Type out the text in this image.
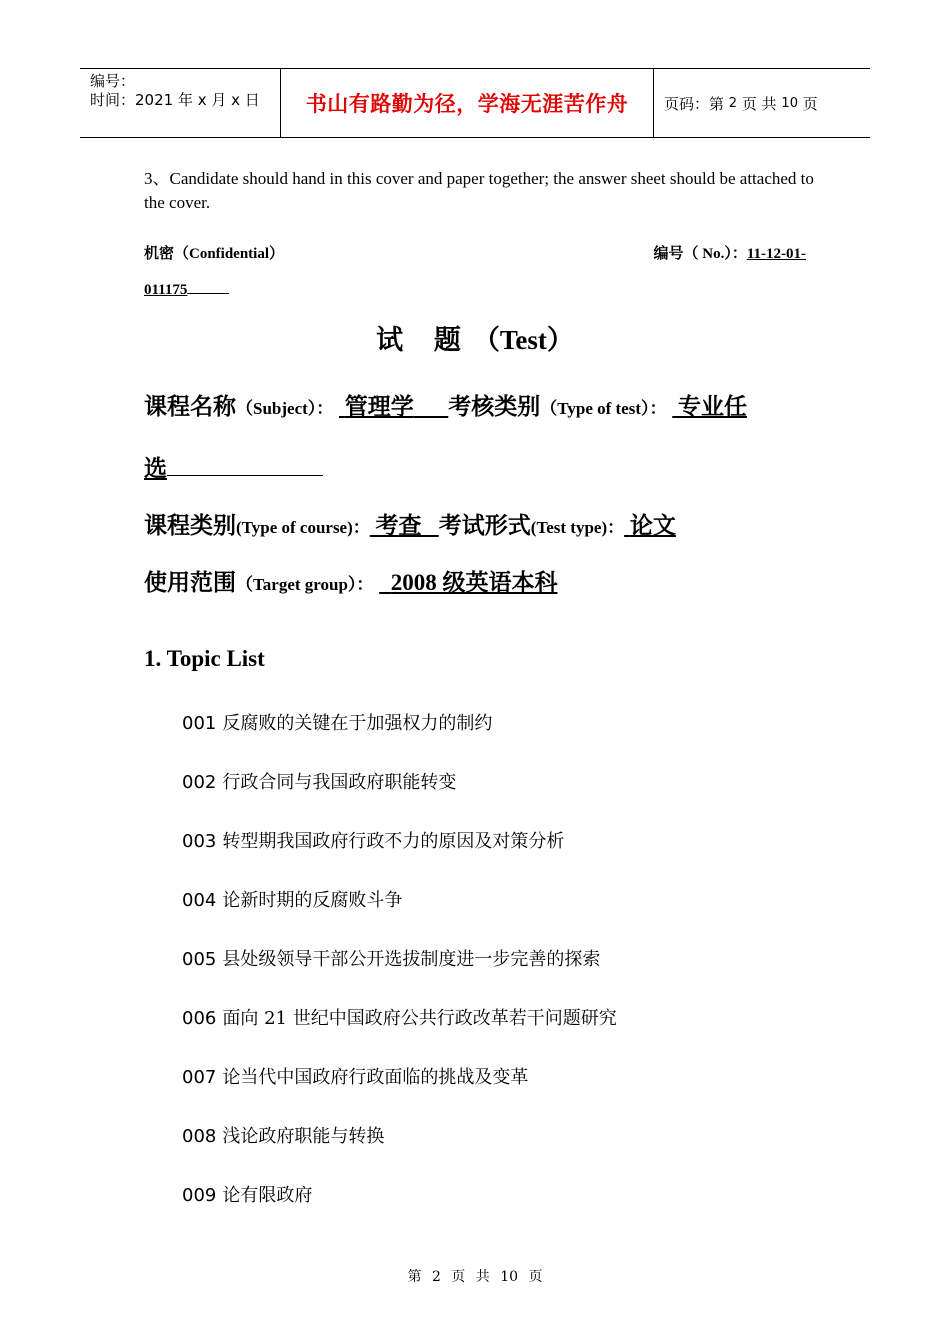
编号：
时间：2021 年 x 月 x 日	书山有路勤为径，学海无涯苦作舟 页码：第
2
页 共
10
页
3、Candidate should hand in this cover and paper together; the answer sheet should be attached to the cover.
机密（Confidential）	编号（ No.）：11-12-01-
011175
试 题（Test）
课程名称（Subject）： 管理学 考核类别（Type of test）： 专业任
选
课程类别(Type of course)： 考查 考试形式(Test type)： 论文
使用范围（Target group）： 2008 级英语本科
1. Topic List
001 反腐败的关键在于加强权力的制约
002 行政合同与我国政府职能转变
003 转型期我国政府行政不力的原因及对策分析
004 论新时期的反腐败斗争
005 县处级领导干部公开选拔制度进一步完善的探索
006 面向 21 世纪中国政府公共行政改革若干问题研究
007 论当代中国政府行政面临的挑战及变革
008 浅论政府职能与转换
009 论有限政府
第 2 页 共 10 页
